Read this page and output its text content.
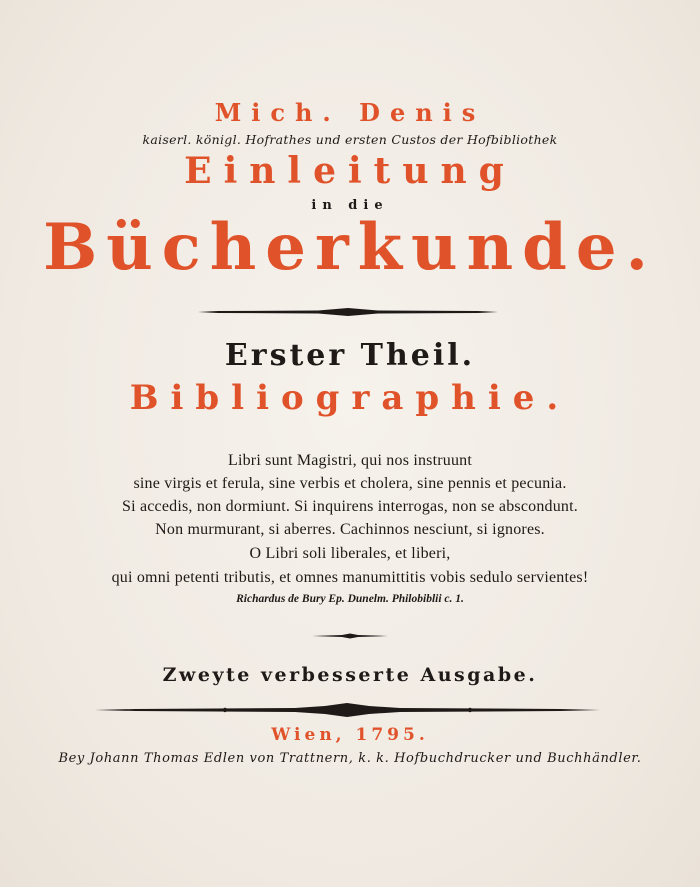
Mich. Denis
kaiserl. königl. Hofrathes und ersten Custos der Hofbibliothek
Einleitung
in die
Bücherkunde.
Erster Theil.
Bibliographie.
Libri sunt Magistri, qui nos instruunt
sine virgis et ferula, sine verbis et cholera, sine pennis et pecunia.
Si accedis, non dormiunt. Si inquirens interrogas, non se abscondunt.
Non murmurant, si aberres. Cachinnos nesciunt, si ignores.
O Libri soli liberales, et liberi,
qui omni petenti tributis, et omnes manumittitis vobis sedulo servientes!
Richardus de Bury Ep. Dunelm. Philobiblii c. 1.
Zweyte verbesserte Ausgabe.
Wien, 1795.
Bey Johann Thomas Edlen von Trattnern, k. k. Hofbuchdrucker und Buchhändler.
